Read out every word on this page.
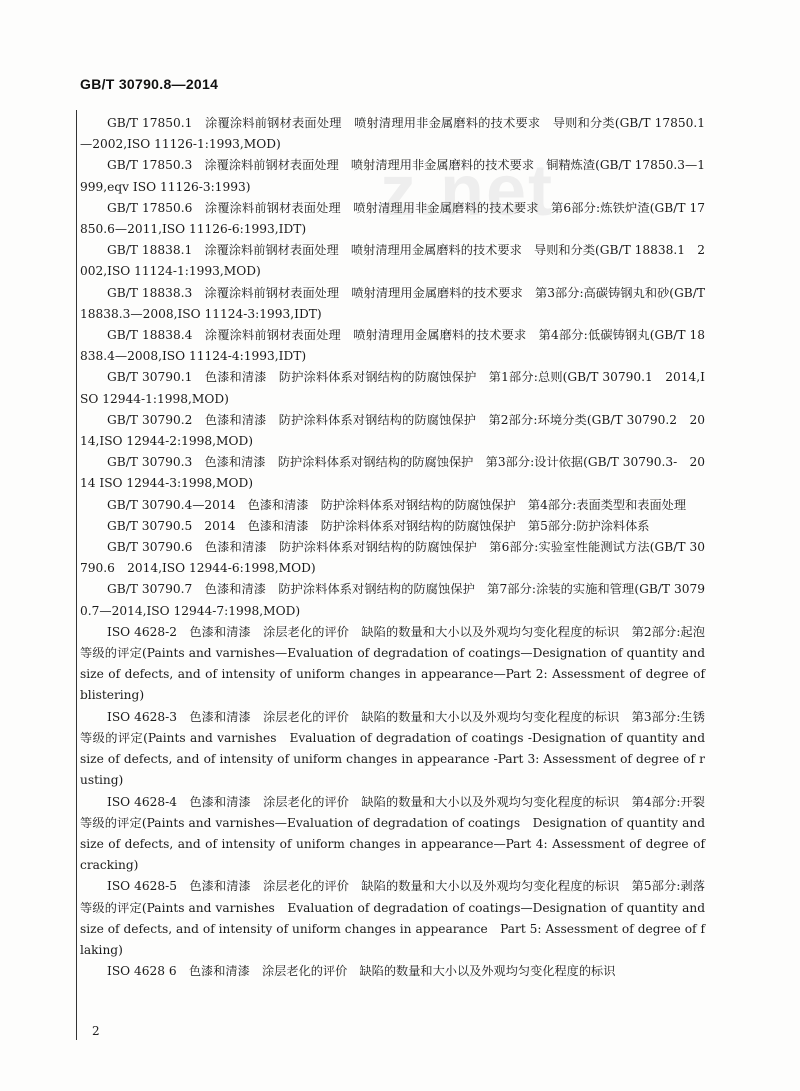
GB/T 30790.8—2014
z.net
GB/T 17850.1　涂覆涂料前钢材表面处理　喷射清理用非金属磨料的技术要求　导则和分类(GB/T 17850.1—2002,ISO 11126-1:1993,MOD)
GB/T 17850.3　涂覆涂料前钢材表面处理　喷射清理用非金属磨料的技术要求　铜精炼渣(GB/T 17850.3—1999,eqv ISO 11126-3:1993)
GB/T 17850.6　涂覆涂料前钢材表面处理　喷射清理用非金属磨料的技术要求　第6部分:炼铁炉渣(GB/T 17850.6—2011,ISO 11126-6:1993,IDT)
GB/T 18838.1　涂覆涂料前钢材表面处理　喷射清理用金属磨料的技术要求　导则和分类(GB/T 18838.1　2002,ISO 11124-1:1993,MOD)
GB/T 18838.3　涂覆涂料前钢材表面处理　喷射清理用金属磨料的技术要求　第3部分:高碳铸钢丸和砂(GB/T 18838.3—2008,ISO 11124-3:1993,IDT)
GB/T 18838.4　涂覆涂料前钢材表面处理　喷射清理用金属磨料的技术要求　第4部分:低碳铸钢丸(GB/T 18838.4—2008,ISO 11124-4:1993,IDT)
GB/T 30790.1　色漆和清漆　防护涂料体系对钢结构的防腐蚀保护　第1部分:总则(GB/T 30790.1　2014,ISO 12944-1:1998,MOD)
GB/T 30790.2　色漆和清漆　防护涂料体系对钢结构的防腐蚀保护　第2部分:环境分类(GB/T 30790.2　2014,ISO 12944-2:1998,MOD)
GB/T 30790.3　色漆和清漆　防护涂料体系对钢结构的防腐蚀保护　第3部分:设计依据(GB/T 30790.3-　2014 ISO 12944-3:1998,MOD)
GB/T 30790.4—2014　色漆和清漆　防护涂料体系对钢结构的防腐蚀保护　第4部分:表面类型和表面处理
GB/T 30790.5　2014　色漆和清漆　防护涂料体系对钢结构的防腐蚀保护　第5部分:防护涂料体系
GB/T 30790.6　色漆和清漆　防护涂料体系对钢结构的防腐蚀保护　第6部分:实验室性能测试方法(GB/T 30790.6　2014,ISO 12944-6:1998,MOD)
GB/T 30790.7　色漆和清漆　防护涂料体系对钢结构的防腐蚀保护　第7部分:涂装的实施和管理(GB/T 30790.7—2014,ISO 12944-7:1998,MOD)
ISO 4628-2　色漆和清漆　涂层老化的评价　缺陷的数量和大小以及外观均匀变化程度的标识　第2部分:起泡等级的评定(Paints and varnishes—Evaluation of degradation of coatings—Designation of quantity and size of defects, and of intensity of uniform changes in appearance—Part 2: Assessment of degree of blistering)
ISO 4628-3　色漆和清漆　涂层老化的评价　缺陷的数量和大小以及外观均匀变化程度的标识　第3部分:生锈等级的评定(Paints and varnishes　Evaluation of degradation of coatings -Designation of quantity and size of defects, and of intensity of uniform changes in appearance -Part 3: Assessment of degree of rusting)
ISO 4628-4　色漆和清漆　涂层老化的评价　缺陷的数量和大小以及外观均匀变化程度的标识　第4部分:开裂等级的评定(Paints and varnishes—Evaluation of degradation of coatings　Designation of quantity and size of defects, and of intensity of uniform changes in appearance—Part 4: Assessment of degree of cracking)
ISO 4628-5　色漆和清漆　涂层老化的评价　缺陷的数量和大小以及外观均匀变化程度的标识　第5部分:剥落等级的评定(Paints and varnishes　Evaluation of degradation of coatings—Designation of quantity and size of defects, and of intensity of uniform changes in appearance　Part 5: Assessment of degree of flaking)
ISO 4628 6　色漆和清漆　涂层老化的评价　缺陷的数量和大小以及外观均匀变化程度的标识
2
